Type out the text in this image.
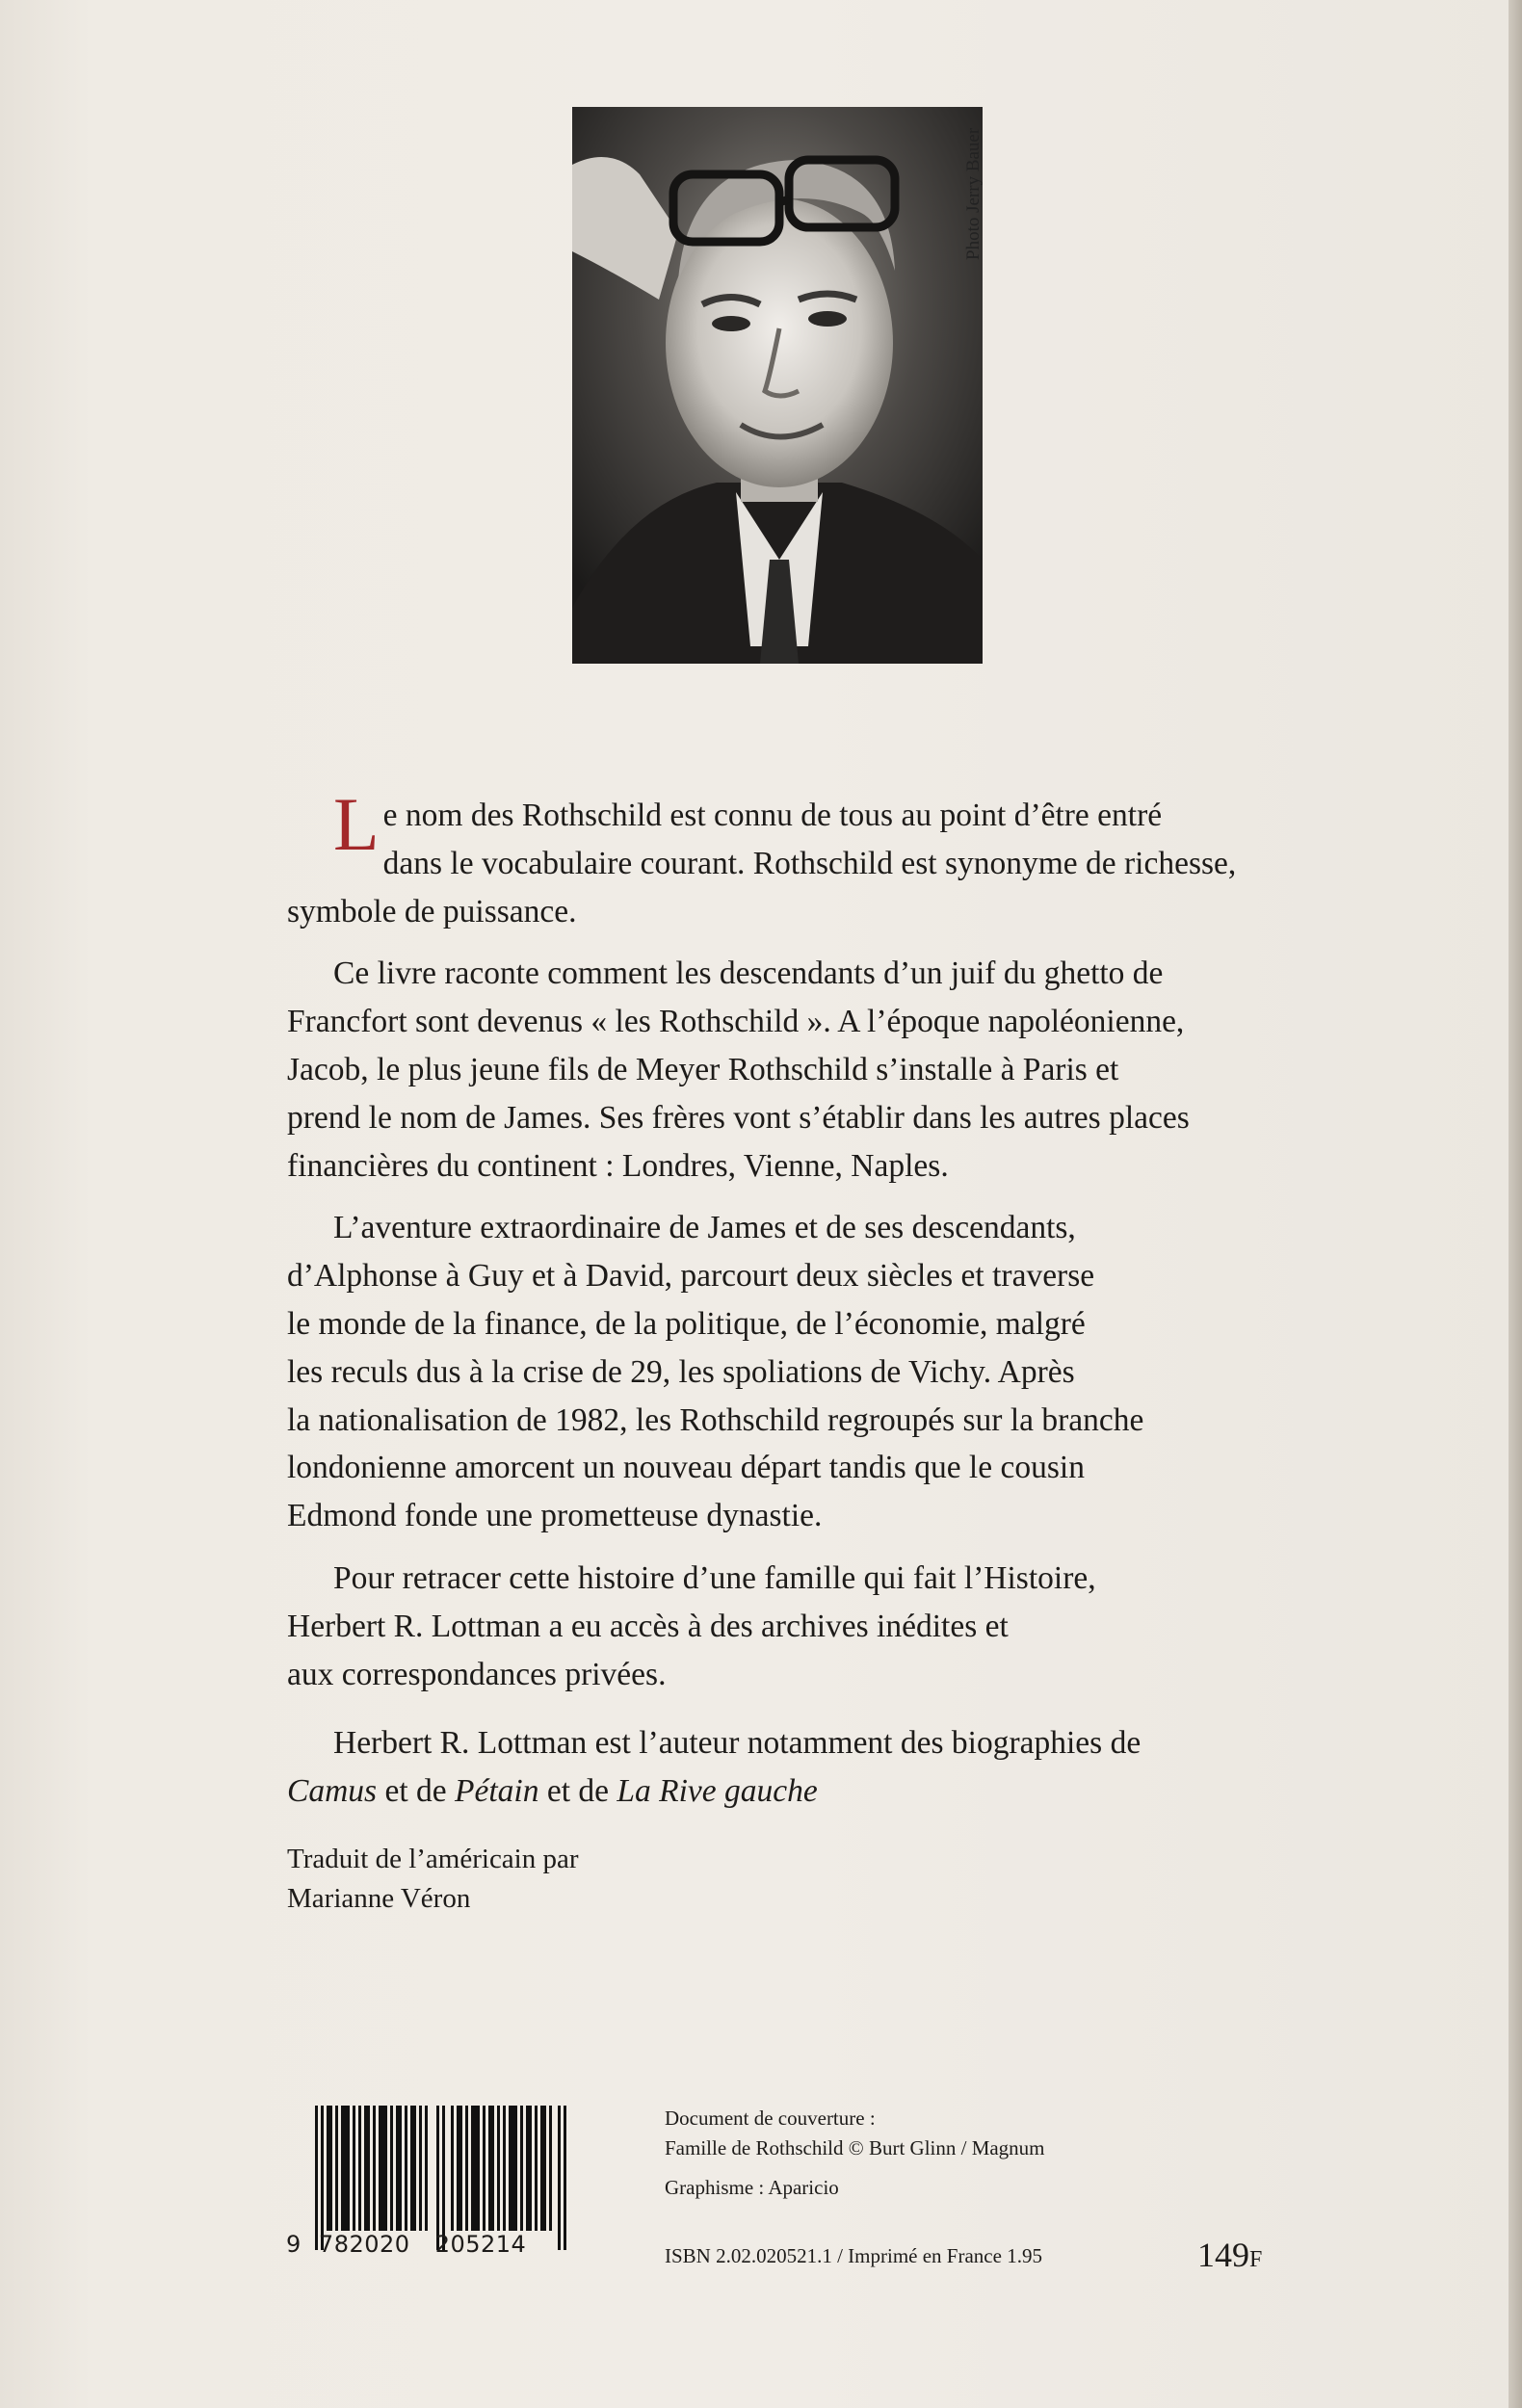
Photo Jerry Bauer

L e nom des Rothschild est connu de tous au point d’être entré
dans le vocabulaire courant. Rothschild est synonyme de richesse,
symbole de puissance.

Ce livre raconte comment les descendants d’un juif du ghetto de
Francfort sont devenus « les Rothschild ». A l’époque napoléonienne,
Jacob, le plus jeune fils de Meyer Rothschild s’installe à Paris et
prend le nom de James. Ses frères vont s’établir dans les autres places
financières du continent : Londres, Vienne, Naples.

L’aventure extraordinaire de James et de ses descendants,
d’Alphonse à Guy et à David, parcourt deux siècles et traverse
le monde de la finance, de la politique, de l’économie, malgré
les reculs dus à la crise de 29, les spoliations de Vichy. Après
la nationalisation de 1982, les Rothschild regroupés sur la branche
londonienne amorcent un nouveau départ tandis que le cousin
Edmond fonde une prometteuse dynastie.

Pour retracer cette histoire d’une famille qui fait l’Histoire,
Herbert R. Lottman a eu accès à des archives inédites et
aux correspondances privées.

Herbert R. Lottman est l’auteur notamment des biographies de
Camus et de Pétain et de La Rive gauche
Traduit de l’américain par
Marianne Véron
9 782020 205214
Document de couverture :
Famille de Rothschild © Burt Glinn / Magnum
Graphisme : Aparicio
ISBN 2.02.020521.1 / Imprimé en France 1.95	149F
